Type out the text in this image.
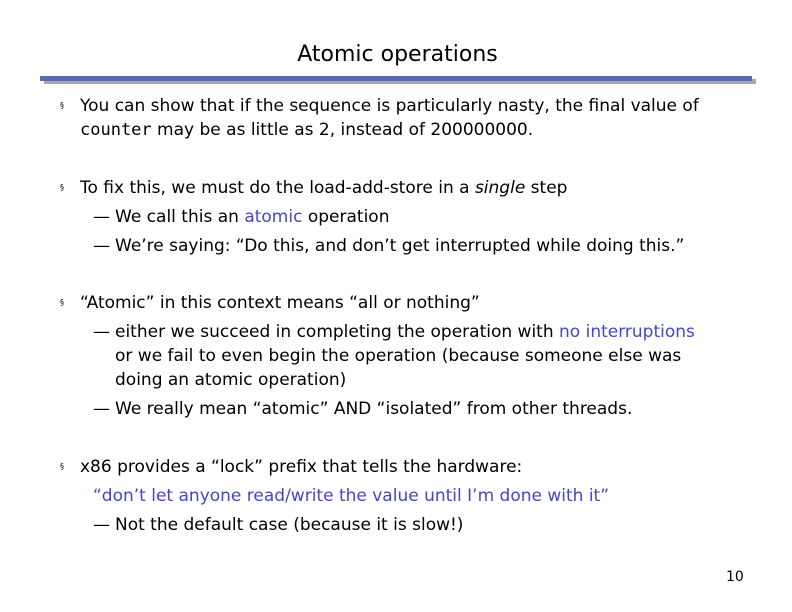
Atomic operations
§ You can show that if the sequence is particularly nasty, the final value of
counter may be as little as 2, instead of 200000000.
§ To fix this, we must do the load-add-store in a single step
— We call this an atomic operation
— We’re saying: “Do this, and don’t get interrupted while doing this.”
§ “Atomic” in this context means “all or nothing”
— either we succeed in completing the operation with no interruptions
or we fail to even begin the operation (because someone else was
doing an atomic operation)
— We really mean “atomic” AND “isolated” from other threads.
§ x86 provides a “lock” prefix that tells the hardware:
“don’t let anyone read/write the value until I’m done with it”
— Not the default case (because it is slow!)
10
